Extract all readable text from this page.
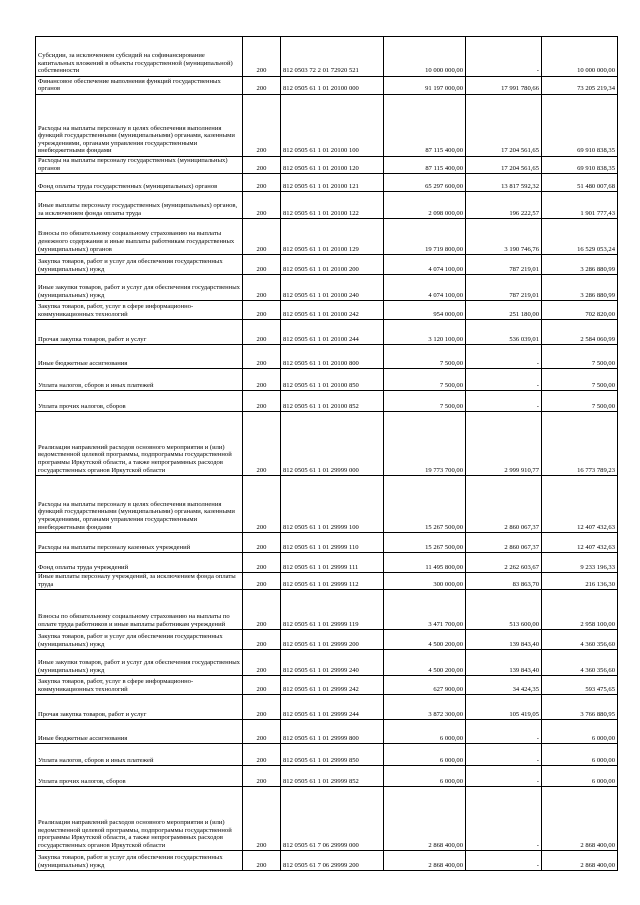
Субсидии, за исключением субсидий на софинансирование капитальных вложений в объекты государственной (муниципальной) собственности	200	812 0503 72 2 01 72920 521	10 000 000,00	-	10 000 000,00
Финансовое обеспечение выполнения функций государственных органов	200	812 0505 61 1 01 20100 000	91 197 000,00	17 991 780,66	73 205 219,34
Расходы на выплаты персоналу в целях обеспечения выполнения функций государственными (муниципальными) органами, казенными учреждениями, органами управления государственными внебюджетными фондами	200	812 0505 61 1 01 20100 100	87 115 400,00	17 204 561,65	69 910 838,35
Расходы на выплаты персоналу государственных (муниципальных) органов	200	812 0505 61 1 01 20100 120	87 115 400,00	17 204 561,65	69 910 838,35
Фонд оплаты труда государственных (муниципальных) органов	200	812 0505 61 1 01 20100 121	65 297 600,00	13 817 592,32	51 480 007,68
Иные выплаты персоналу государственных (муниципальных) органов, за исключением фонда оплаты труда	200	812 0505 61 1 01 20100 122	2 098 000,00	196 222,57	1 901 777,43
Взносы по обязательному социальному страхованию на выплаты денежного содержания и иные выплаты работникам государственных (муниципальных) органов	200	812 0505 61 1 01 20100 129	19 719 800,00	3 190 746,76	16 529 053,24
Закупка товаров, работ и услуг для обеспечения государственных (муниципальных) нужд	200	812 0505 61 1 01 20100 200	4 074 100,00	787 219,01	3 286 880,99
Иные закупки товаров, работ и услуг для обеспечения государственных (муниципальных) нужд	200	812 0505 61 1 01 20100 240	4 074 100,00	787 219,01	3 286 880,99
Закупка товаров, работ, услуг в сфере информационно-коммуникационных технологий	200	812 0505 61 1 01 20100 242	954 000,00	251 180,00	702 820,00
Прочая закупка товаров, работ и услуг	200	812 0505 61 1 01 20100 244	3 120 100,00	536 039,01	2 584 060,99
Иные бюджетные ассигнования	200	812 0505 61 1 01 20100 800	7 500,00	-	7 500,00
Уплата налогов, сборов и иных платежей	200	812 0505 61 1 01 20100 850	7 500,00	-	7 500,00
Уплата прочих налогов, сборов	200	812 0505 61 1 01 20100 852	7 500,00	-	7 500,00
Реализация направлений расходов основного мероприятия и (или) ведомственной целевой программы, подпрограммы государственной программы Иркутской области, а также непрограммных расходов государственных органов Иркутской области	200	812 0505 61 1 01 29999 000	19 773 700,00	2 999 910,77	16 773 789,23
Расходы на выплаты персоналу в целях обеспечения выполнения функций государственными (муниципальными) органами, казенными учреждениями, органами управления государственными внебюджетными фондами	200	812 0505 61 1 01 29999 100	15 267 500,00	2 860 067,37	12 407 432,63
Расходы на выплаты персоналу казенных учреждений	200	812 0505 61 1 01 29999 110	15 267 500,00	2 860 067,37	12 407 432,63
Фонд оплаты труда учреждений	200	812 0505 61 1 01 29999 111	11 495 800,00	2 262 603,67	9 233 196,33
Иные выплаты персоналу учреждений, за исключением фонда оплаты труда	200	812 0505 61 1 01 29999 112	300 000,00	83 863,70	216 136,30
Взносы по обязательному социальному страхованию на выплаты по оплате труда работников и иные выплаты работникам учреждений	200	812 0505 61 1 01 29999 119	3 471 700,00	513 600,00	2 958 100,00
Закупка товаров, работ и услуг для обеспечения государственных (муниципальных) нужд	200	812 0505 61 1 01 29999 200	4 500 200,00	139 843,40	4 360 356,60
Иные закупки товаров, работ и услуг для обеспечения государственных (муниципальных) нужд	200	812 0505 61 1 01 29999 240	4 500 200,00	139 843,40	4 360 356,60
Закупка товаров, работ, услуг в сфере информационно-коммуникационных технологий	200	812 0505 61 1 01 29999 242	627 900,00	34 424,35	593 475,65
Прочая закупка товаров, работ и услуг	200	812 0505 61 1 01 29999 244	3 872 300,00	105 419,05	3 766 880,95
Иные бюджетные ассигнования	200	812 0505 61 1 01 29999 800	6 000,00	-	6 000,00
Уплата налогов, сборов и иных платежей	200	812 0505 61 1 01 29999 850	6 000,00	-	6 000,00
Уплата прочих налогов, сборов	200	812 0505 61 1 01 29999 852	6 000,00	-	6 000,00
Реализация направлений расходов основного мероприятия и (или) ведомственной целевой программы, подпрограммы государственной программы Иркутской области, а также непрограммных расходов государственных органов Иркутской области	200	812 0505 61 7 06 29999 000	2 868 400,00	-	2 868 400,00
Закупка товаров, работ и услуг для обеспечения государственных (муниципальных) нужд	200	812 0505 61 7 06 29999 200	2 868 400,00	-	2 868 400,00
